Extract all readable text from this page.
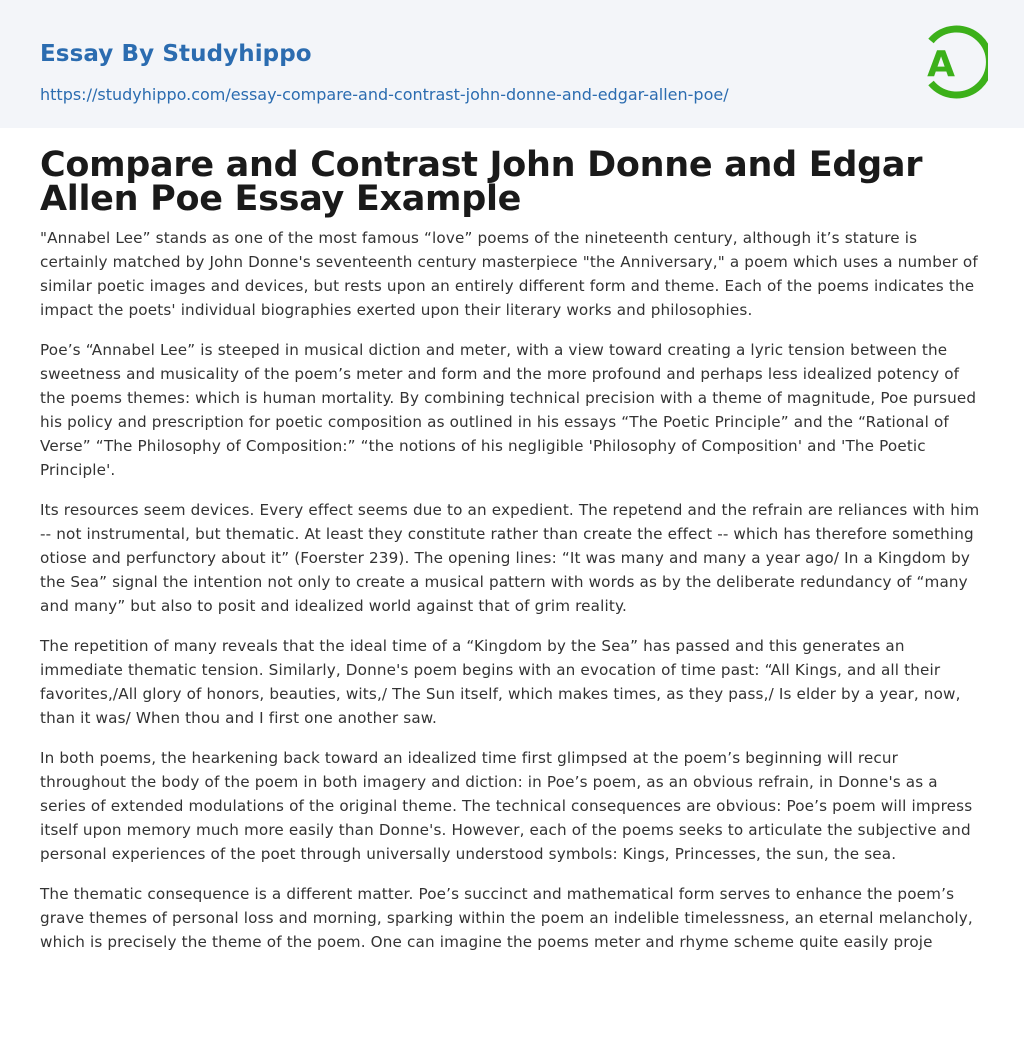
Essay By Studyhippo
https://studyhippo.com/essay-compare-and-contrast-john-donne-and-edgar-allen-poe/
A
Compare and Contrast John Donne and Edgar Allen Poe Essay Example

"Annabel Lee” stands as one of the most famous “love” poems of the nineteenth century, although it’s stature is certainly matched by John Donne's seventeenth century masterpiece "the Anniversary," a poem which uses a number of similar poetic images and devices, but rests upon an entirely different form and theme. Each of the poems indicates the impact the poets' individual biographies exerted upon their literary works and philosophies.

Poe’s “Annabel Lee” is steeped in musical diction and meter, with a view toward creating a lyric tension between the sweetness and musicality of the poem’s meter and form and the more profound and perhaps less idealized potency of the poems themes: which is human mortality. By combining technical precision with a theme of magnitude, Poe pursued his policy and prescription for poetic composition as outlined in his essays “The Poetic Principle” and the “Rational of Verse” “The Philosophy of Composition:” “the notions of his negligible 'Philosophy of Composition' and 'The Poetic Principle'.

Its resources seem devices. Every effect seems due to an expedient. The repetend and the refrain are reliances with him -- not instrumental, but thematic. At least they constitute rather than create the effect -- which has therefore something otiose and perfunctory about it” (Foerster 239). The opening lines: “It was many and many a year ago/ In a Kingdom by the Sea” signal the intention not only to create a musical pattern with words as by the deliberate redundancy of “many and many” but also to posit and idealized world against that of grim reality.

The repetition of many reveals that the ideal time of a “Kingdom by the Sea” has passed and this generates an immediate thematic tension. Similarly, Donne's poem begins with an evocation of time past: “All Kings, and all their favorites,/All glory of honors, beauties, wits,/ The Sun itself, which makes times, as they pass,/ Is elder by a year, now, than it was/ When thou and I first one another saw.

In both poems, the hearkening back toward an idealized time first glimpsed at the poem’s beginning will recur throughout the body of the poem in both imagery and diction: in Poe’s poem, as an obvious refrain, in Donne's as a series of extended modulations of the original theme. The technical consequences are obvious: Poe’s poem will impress itself upon memory much more easily than Donne's. However, each of the poems seeks to articulate the subjective and personal experiences of the poet through universally understood symbols: Kings, Princesses, the sun, the sea.

The thematic consequence is a different matter. Poe’s succinct and mathematical form serves to enhance the poem’s grave themes of personal loss and morning, sparking within the poem an indelible timelessness, an eternal melancholy, which is precisely the theme of the poem. One can imagine the poems meter and rhyme scheme quite easily proje
